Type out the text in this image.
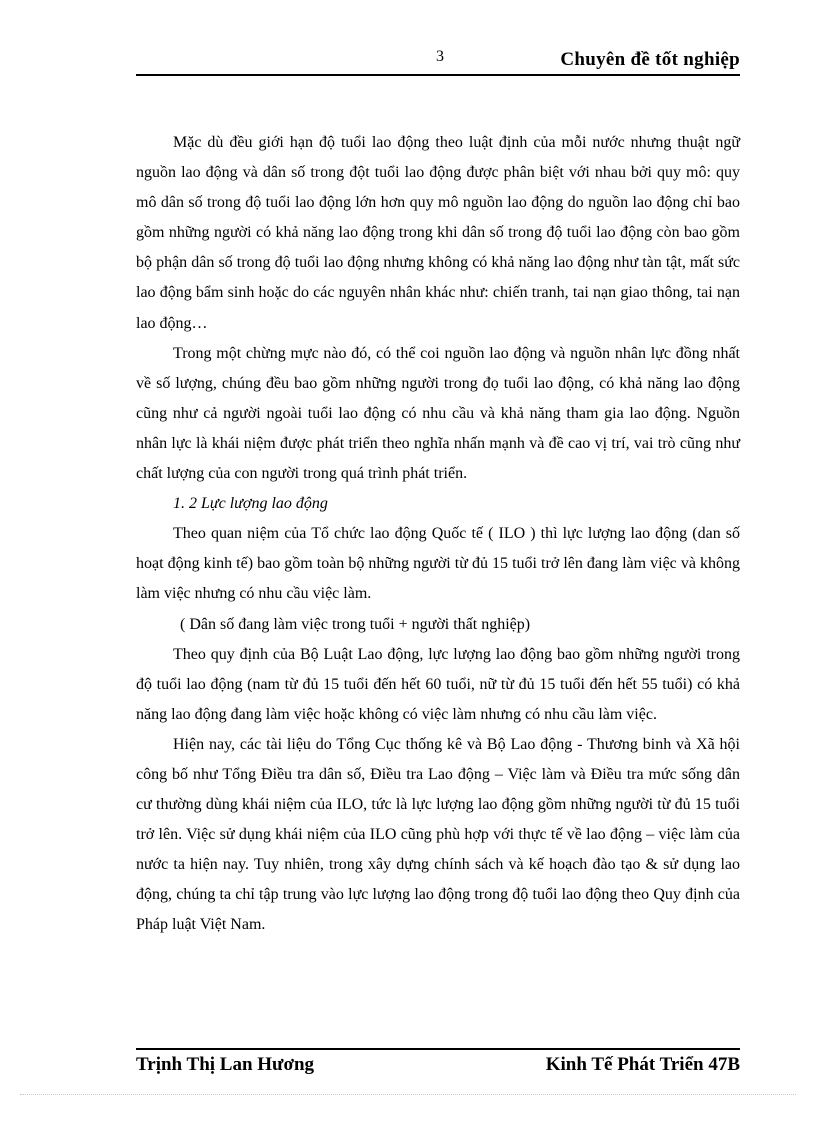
3	Chuyên đề tốt nghiệp

Mặc dù đều giới hạn độ tuổi lao động theo luật định của mỗi nước nhưng thuật ngữ nguồn lao động và dân số trong đột tuổi lao động được phân biệt với nhau bởi quy mô: quy mô dân số trong độ tuổi lao động lớn hơn quy mô nguồn lao động do nguồn lao động chỉ bao gồm những người có khả năng lao động trong khi dân số trong độ tuổi lao động còn bao gồm bộ phận dân số trong độ tuổi lao động nhưng không có khả năng lao động như tàn tật, mất sức lao động bẩm sinh hoặc do các nguyên nhân khác như: chiến tranh, tai nạn giao thông, tai nạn lao động…

Trong một chừng mực nào đó, có thể coi nguồn lao động và nguồn nhân lực đồng nhất về số lượng, chúng đều bao gồm những người trong đọ tuổi lao động, có khả năng lao động cũng như cả người ngoài tuổi lao động có nhu cầu và khả năng tham gia lao động. Nguồn nhân lực là khái niệm được phát triển theo nghĩa nhấn mạnh và đề cao vị trí, vai trò cũng như chất lượng của con người trong quá trình phát triển.

1. 2 Lực lượng lao động

Theo quan niệm của Tổ chức lao động Quốc tế ( ILO ) thì lực lượng lao động (dan số hoạt động kinh tế) bao gồm toàn bộ những người từ đủ 15 tuổi trở lên đang làm việc và không làm việc nhưng có nhu cầu việc làm.

( Dân số đang làm việc trong tuổi + người thất nghiệp)

Theo quy định của Bộ Luật Lao động, lực lượng lao động bao gồm những người trong độ tuổi lao động (nam từ đủ 15 tuổi đến hết 60 tuổi, nữ từ đủ 15 tuổi đến hết 55 tuổi) có khả năng lao động đang làm việc hoặc không có việc làm nhưng có nhu cầu làm việc.

Hiện nay, các tài liệu do Tổng Cục thống kê và Bộ Lao động - Thương binh và Xã hội công bố như Tổng Điều tra dân số, Điều tra Lao động – Việc làm và Điều tra mức sống dân cư thường dùng khái niệm của ILO, tức là lực lượng lao động gồm những người từ đủ 15 tuổi trở lên. Việc sử dụng khái niệm của ILO cũng phù hợp với thực tế về lao động – việc làm của nước ta hiện nay. Tuy nhiên, trong xây dựng chính sách và kế hoạch đào tạo & sử dụng lao động, chúng ta chỉ tập trung vào lực lượng lao động trong độ tuổi lao động theo Quy định của Pháp luật Việt Nam.

Trịnh Thị Lan Hương	Kinh Tế Phát Triển 47B
